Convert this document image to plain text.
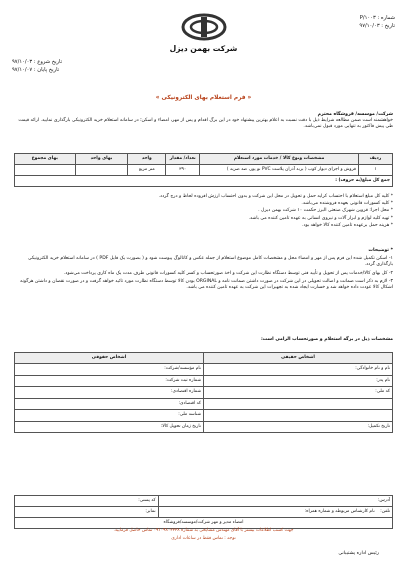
شماره : P/۱۰۰۳
تاریخ : ۹۷/۱۰/۰۳
شرکت بهمن دیزل
تاریخ شروع : ۹۷/۱۰/۰۳
تاریخ پایان : ۹۷/۱۰/۰۷
« فرم استعلام بهای الکترونیکی »
شرکت/ موسسه/ فروشگاه محترم
خواهشمند است ضمن مطالعه شرایط ذیل با دقت نسبت به اعلام بهترین پیشنهاد خود در این برگ اقدام و پس از مهر، امضاء و اسکن؛ در سامانه استعلام خرید الکترونیکی بارگذاری نمایید. ارائه قیمت طی پیش فاکتور به تنهایی مورد قبول نمی‌باشد.
ردیف	مشخصات ونوع کالا / خدمات مورد استعلام	تعداد/ مقدار	واحد	بهای واحد	بهای مجموع
۱	فروش و اجرای دیوار کوب ( برند آذران پلاست PVC نو پور، ضد ضربه )	۳۹۰	متر مربع		
جمع کل مبلغ(به حروف) :					
* کلیه کل مبلغ استعلام با احتساب کرایه حمل و تحویل در محل این شرکت و بدون احتساب ارزش افزوده لحاظ و درج گردد.
* کلیه کسورات قانونی بعهده فروشنده می‌باشد.
* محل اجرا: قزوین شهرک صنعتی البرز حکمت ۱۰ شرکت بهمن دیزل .
* تهیه کلیه لوازم و ابزار آلات و نیروی انسانی به عهده تامین کننده می باشد.
* هزینه حمل برعهده تامین کننده کالا خواهد بود.
* توضیحات
۱- اسکن تکمیل شده این فرم پس از مهر و امضاء محل و مشخصات کامل موضوع استعلام از جمله عکس و کاتالوگ پیوست شود و ( بصورت یک فایل PDF ) در سامانه استعلام خرید الکترونیکی بارگذاری گردد.
۲- کل بهای کالا/خدمات پس از تحویل و تأیید فنی توسط دستگاه نظارت این شرکت و اخذ صورتحساب و کسر کلیه کسورات قانونی طرف مدت یک ماه کاری پرداخت می‌شود.
۳- لازم به ذکر است ضمانت و اصالت تحویلی در این شرکت در صورت داشتن ضمانت نامه و ORGINAL بودن کالا توسط دستگاه نظارت مورد تائید خواهد گرفت و در صورت نقصان و داشتن هرگونه اشکال کالا عودت داده خواهد شد و خسارت ایجاد شده به تجهیزات این شرکت به عهده تامین کننده می باشد.
مشخصات ذیل در برگه استعلام و صورتحساب الزامی است:
اشخاص حقیقی	اشخاص حقوقی
نام و نام خانوادگی:	نام مؤسسه/شرکت:
نام پدر:	شماره ثبت شرکت:
کد ملی:	شماره اقتصادی:
	کد اقتصادی:
	شناسه ملی:
تاریخ تکمیل:	تاریخ زمان تحویل کالا:
آدرس:	کد پستی:
تلفن:    نام کارشناس مربوطه و شماره همراه:	نمابر:
امضاء مدیر و مهر شرکت/موسسه/فروشگاه	
جهت کسب اطلاعات بیشتر با آقای مهندس مشایخی به شماره ۰۹۱۰۹۸۰۳۳۳۸ تماس حاصل فرمایید.
توجه : تماس فقط در ساعات اداری
رئیس اداره پشتیبانی
